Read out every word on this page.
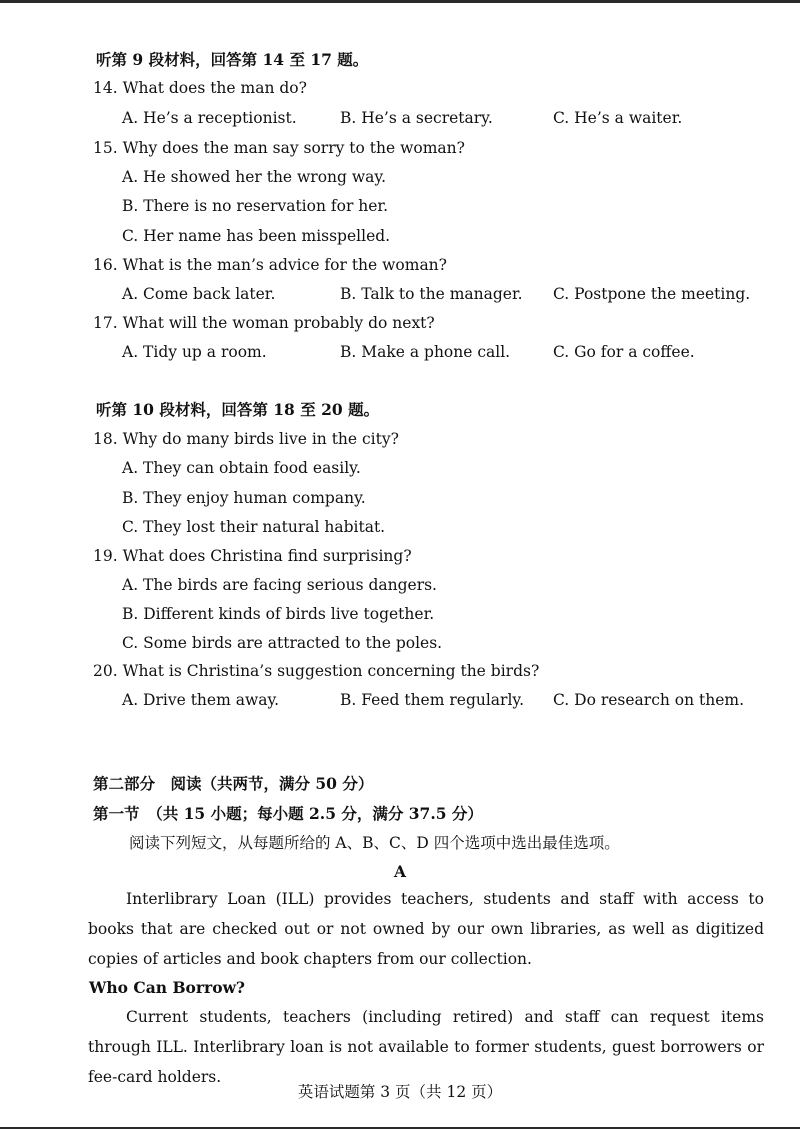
听第 9 段材料，回答第 14 至 17 题。
14. What does the man do?
A. He’s a receptionist.	B. He’s a secretary.	C. He’s a waiter.
15. Why does the man say sorry to the woman?
A. He showed her the wrong way.
B. There is no reservation for her.
C. Her name has been misspelled.
16. What is the man’s advice for the woman?
A. Come back later.	B. Talk to the manager. C. Postpone the meeting.
17. What will the woman probably do next?
A. Tidy up a room.	B. Make a phone call.	C. Go for a coffee.
听第 10 段材料，回答第 18 至 20 题。
18. Why do many birds live in the city?
A. They can obtain food easily.
B. They enjoy human company.
C. They lost their natural habitat.
19. What does Christina find surprising?
A. The birds are facing serious dangers.
B. Different kinds of birds live together.
C. Some birds are attracted to the poles.
20. What is Christina’s suggestion concerning the birds?
A. Drive them away.	B. Feed them regularly. C. Do research on them.
第二部分　阅读（共两节，满分 50 分）
第一节　（共 15 小题；每小题 2.5 分，满分 37.5 分）
阅读下列短文，从每题所给的 A、B、C、D 四个选项中选出最佳选项。
A
Interlibrary Loan (ILL) provides teachers, students and staff with access to books that are checked out or not owned by our own libraries, as well as digitized copies of articles and book chapters from our collection.
Who Can Borrow?
Current students, teachers (including retired) and staff can request items through ILL. Interlibrary loan is not available to former students, guest borrowers or fee-card holders.
英语试题第 3 页（共 12 页）
